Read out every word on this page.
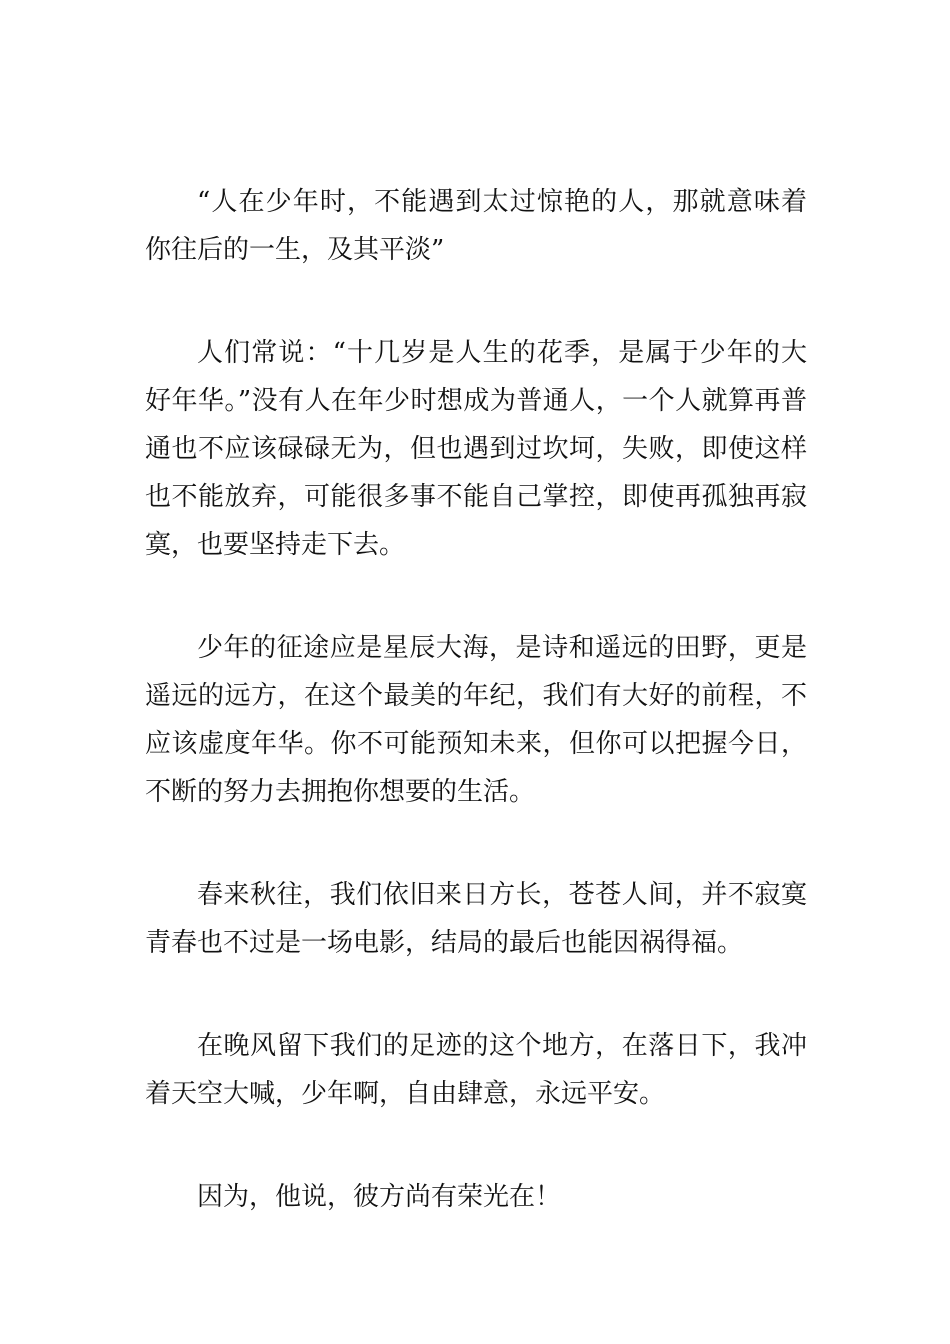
“人在少年时，不能遇到太过惊艳的人，那就意味着你往后的一生，及其平淡”

人们常说：“十几岁是人生的花季，是属于少年的大好年华。”没有人在年少时想成为普通人，一个人就算再普通也不应该碌碌无为，但也遇到过坎坷，失败，即使这样也不能放弃，可能很多事不能自己掌控，即使再孤独再寂寞，也要坚持走下去。

少年的征途应是星辰大海，是诗和遥远的田野，更是遥远的远方，在这个最美的年纪，我们有大好的前程，不应该虚度年华。你不可能预知未来，但你可以把握今日，不断的努力去拥抱你想要的生活。

春来秋往，我们依旧来日方长，苍苍人间，并不寂寞青春也不过是一场电影，结局的最后也能因祸得福。

在晚风留下我们的足迹的这个地方，在落日下，我冲着天空大喊，少年啊，自由肆意，永远平安。

因为，他说，彼方尚有荣光在！
